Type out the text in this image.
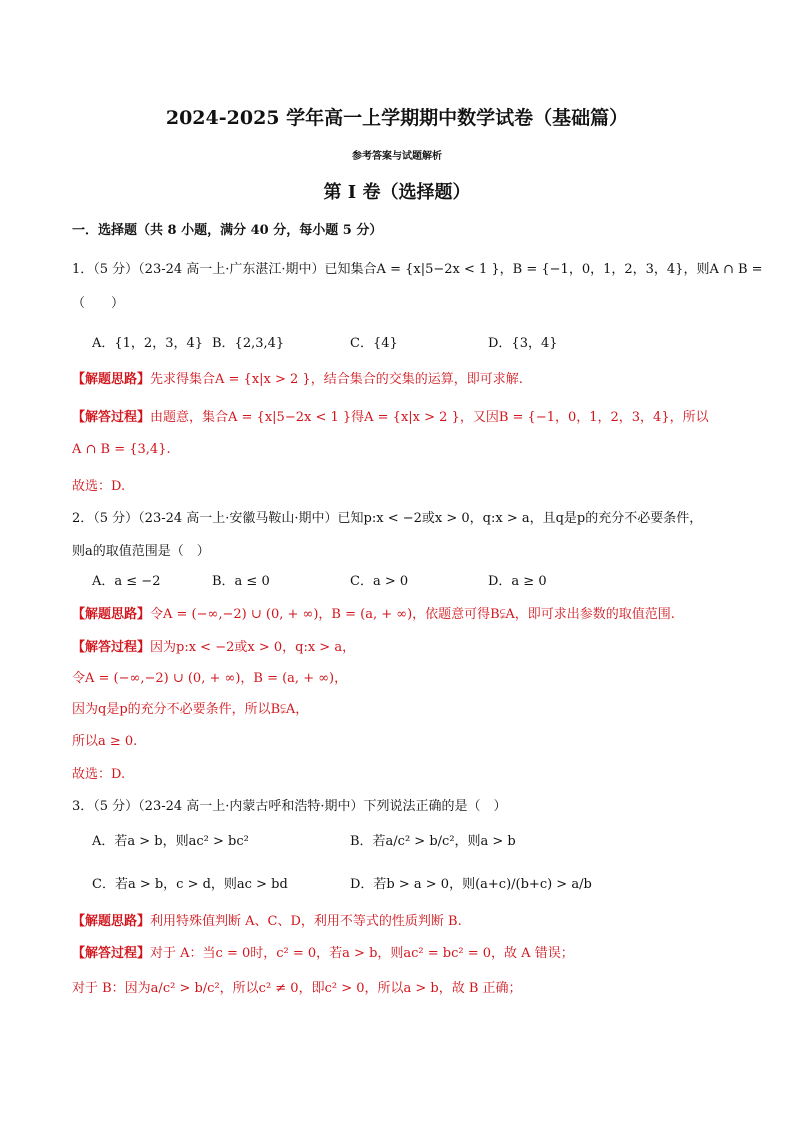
2024-2025 学年高一上学期期中数学试卷（基础篇）
参考答案与试题解析
第 I 卷（选择题）
一．选择题（共 8 小题，满分 40 分，每小题 5 分）
1．（5 分）（23-24 高一上·广东湛江·期中）已知集合A = {x|5−2x < 1 }，B = {−1，0，1，2，3，4}，则A ∩ B =
（　　）
A．{1，2，3，4} B．{2,3,4}	C．{4}	D．{3，4}
【解题思路】先求得集合A = {x|x > 2 }，结合集合的交集的运算，即可求解.
【解答过程】由题意，集合A = {x|5−2x < 1 }得A = {x|x > 2 }，又因B = {−1，0，1，2，3，4}，所以
A ∩ B = {3,4}.
故选：D.
2．（5 分）（23-24 高一上·安徽马鞍山·期中）已知p:x < −2或x > 0，q:x > a，且q是p的充分不必要条件，
则a的取值范围是（　）
A．a ≤ −2	B．a ≤ 0	C．a > 0	D．a ≥ 0
【解题思路】令A = (−∞,−2) ∪ (0, + ∞)，B = (a, + ∞)，依题意可得B⫋A，即可求出参数的取值范围.
【解答过程】因为p:x < −2或x > 0，q:x > a，
令A = (−∞,−2) ∪ (0, + ∞)，B = (a, + ∞)，
因为q是p的充分不必要条件，所以B⫋A，
所以a ≥ 0.
故选：D.
3．（5 分）（23-24 高一上·内蒙古呼和浩特·期中）下列说法正确的是（　）
A．若a > b，则ac² > bc²	B．若a/c² > b/c²，则a > b
C．若a > b，c > d，则ac > bd	D．若b > a > 0，则(a+c)/(b+c) > a/b
【解题思路】利用特殊值判断 A、C、D，利用不等式的性质判断 B.
【解答过程】对于 A：当c = 0时，c² = 0，若a > b，则ac² = bc² = 0，故 A 错误；
对于 B：因为a/c² > b/c²，所以c² ≠ 0，即c² > 0，所以a > b，故 B 正确；
